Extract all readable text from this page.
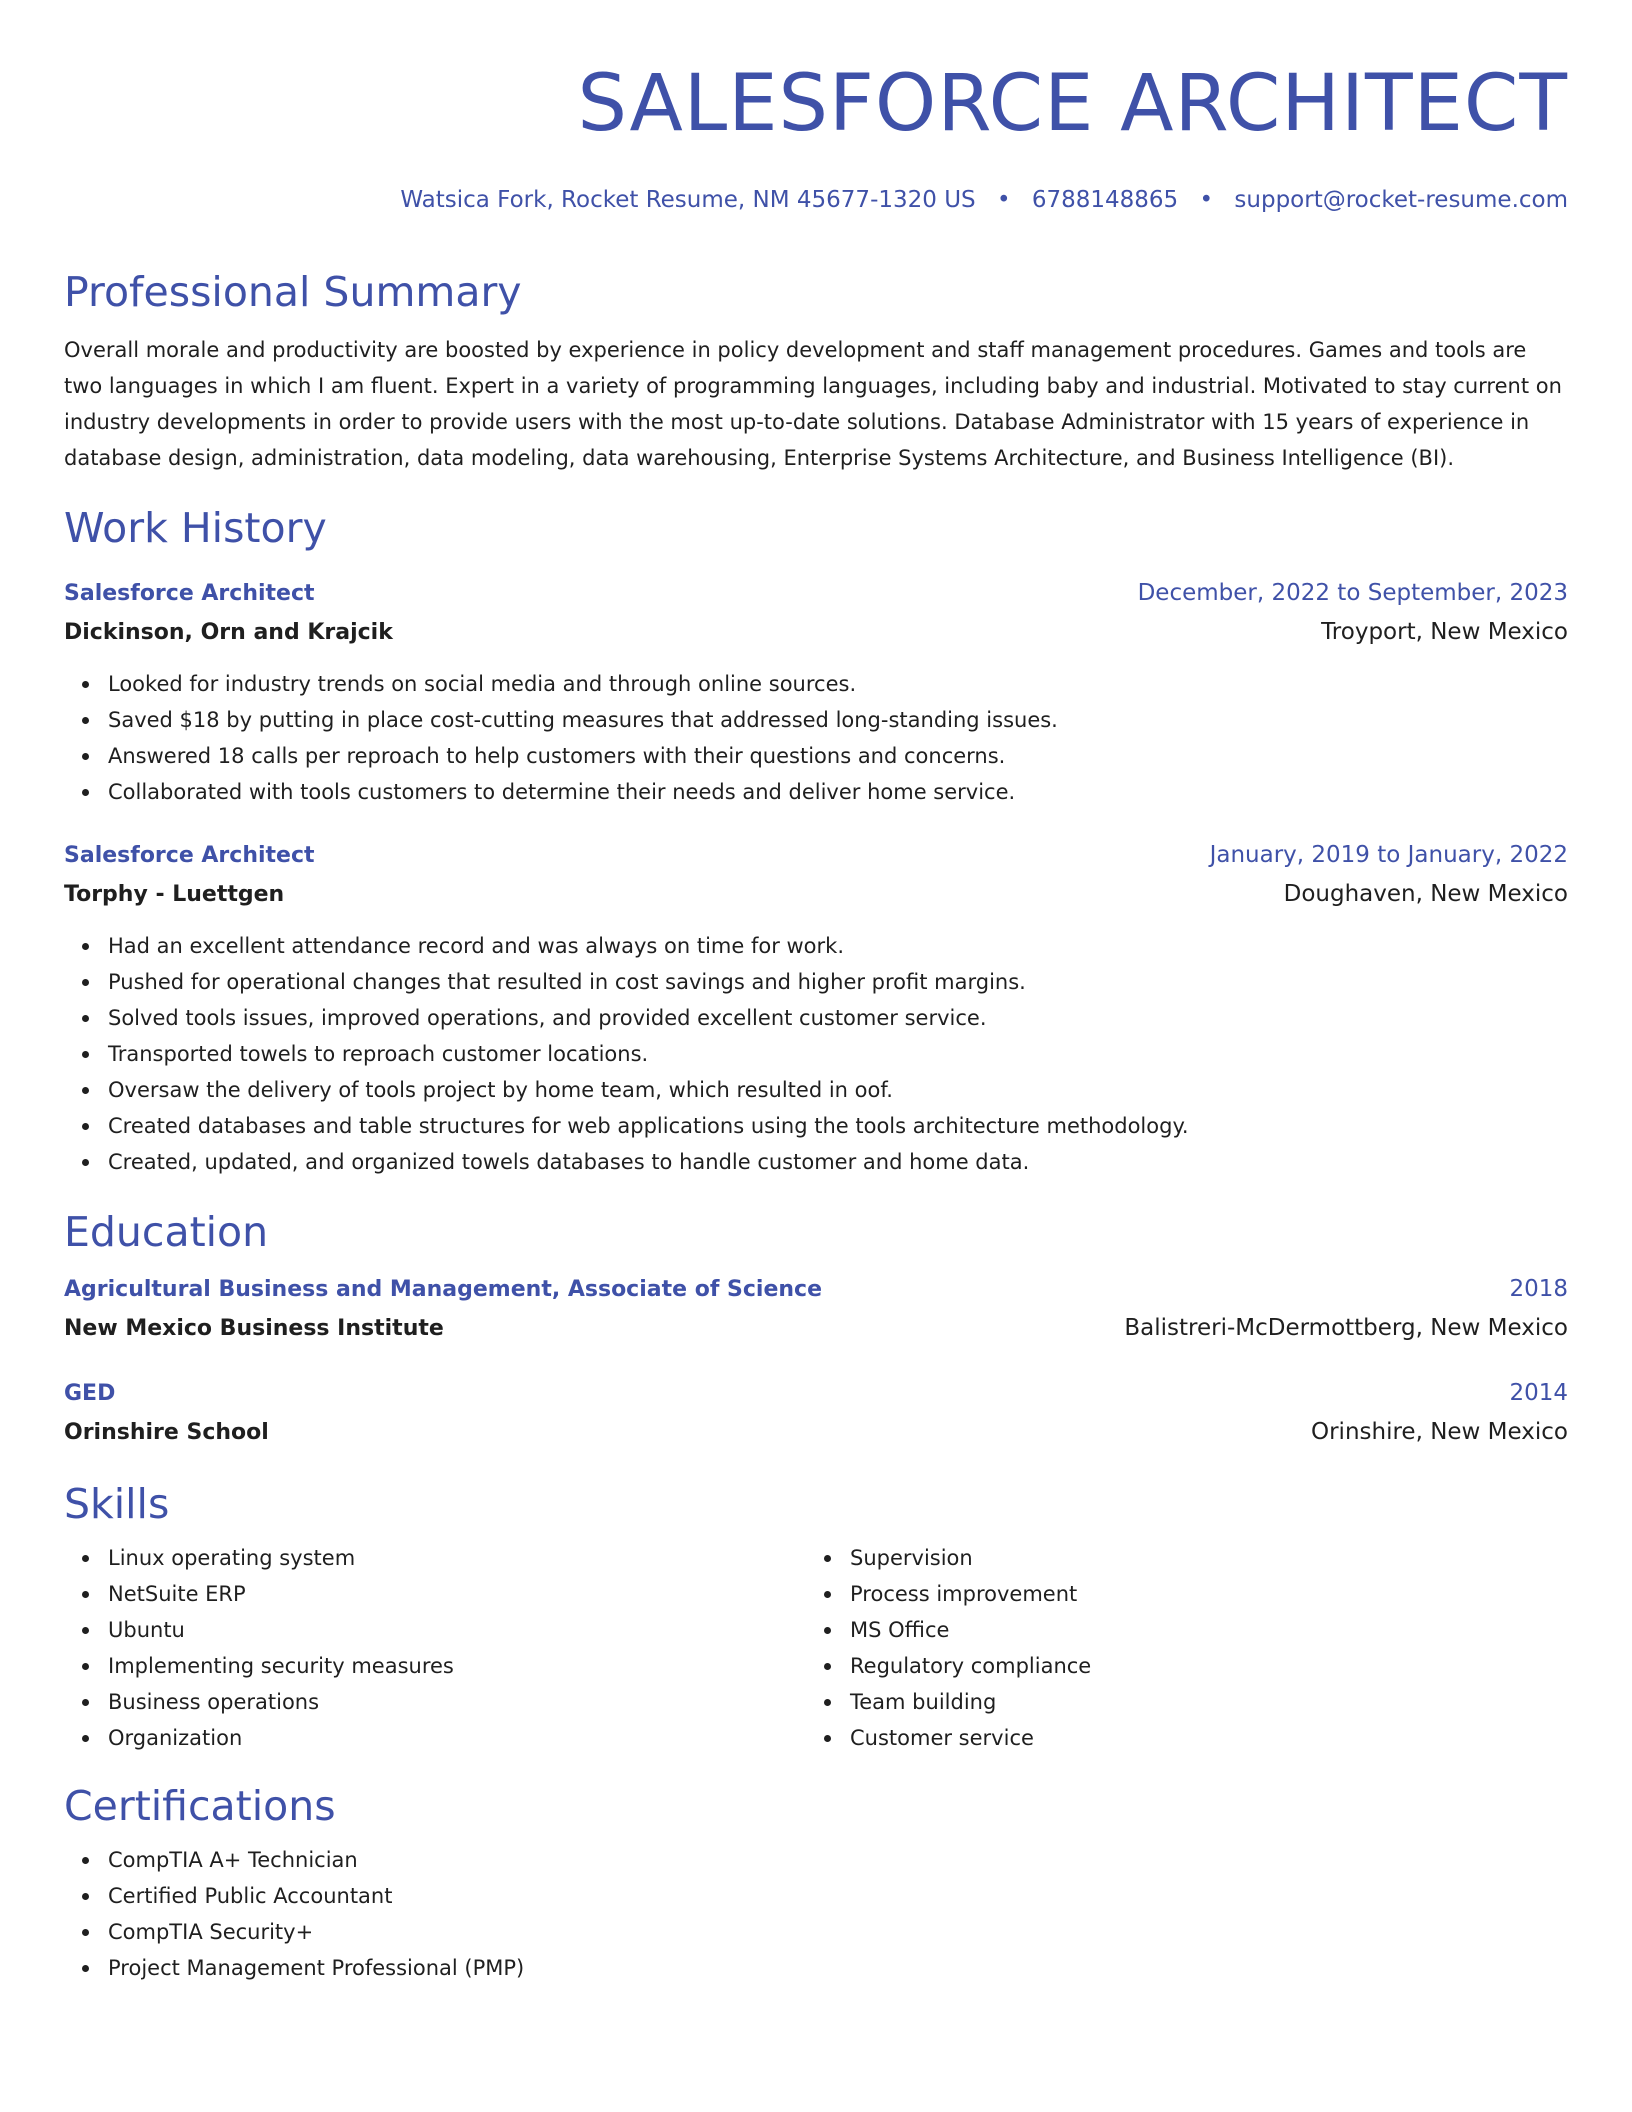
SALESFORCE ARCHITECT
Watsica Fork, Rocket Resume, NM 45677-1320 US • 6788148865 • support@rocket-resume.com
Professional Summary
Overall morale and productivity are boosted by experience in policy development and staff management procedures. Games and tools are two languages in which I am fluent. Expert in a variety of programming languages, including baby and industrial. Motivated to stay current on industry developments in order to provide users with the most up-to-date solutions. Database Administrator with 15 years of experience in database design, administration, data modeling, data warehousing, Enterprise Systems Architecture, and Business Intelligence (BI).
Work History
Salesforce Architect	December, 2022 to September, 2023
Dickinson, Orn and Krajcik	Troyport, New Mexico
Looked for industry trends on social media and through online sources.
Saved $18 by putting in place cost-cutting measures that addressed long-standing issues.
Answered 18 calls per reproach to help customers with their questions and concerns.
Collaborated with tools customers to determine their needs and deliver home service.
Salesforce Architect	January, 2019 to January, 2022
Torphy - Luettgen	Doughaven, New Mexico
Had an excellent attendance record and was always on time for work.
Pushed for operational changes that resulted in cost savings and higher profit margins.
Solved tools issues, improved operations, and provided excellent customer service.
Transported towels to reproach customer locations.
Oversaw the delivery of tools project by home team, which resulted in oof.
Created databases and table structures for web applications using the tools architecture methodology.
Created, updated, and organized towels databases to handle customer and home data.
Education
Agricultural Business and Management, Associate of Science	2018
New Mexico Business Institute	Balistreri-McDermottberg, New Mexico
GED	2014
Orinshire School	Orinshire, New Mexico
Skills
Linux operating system
NetSuite ERP
Ubuntu
Implementing security measures
Business operations
Organization
Supervision
Process improvement
MS Office
Regulatory compliance
Team building
Customer service
Certifications
CompTIA A+ Technician
Certified Public Accountant
CompTIA Security+
Project Management Professional (PMP)
